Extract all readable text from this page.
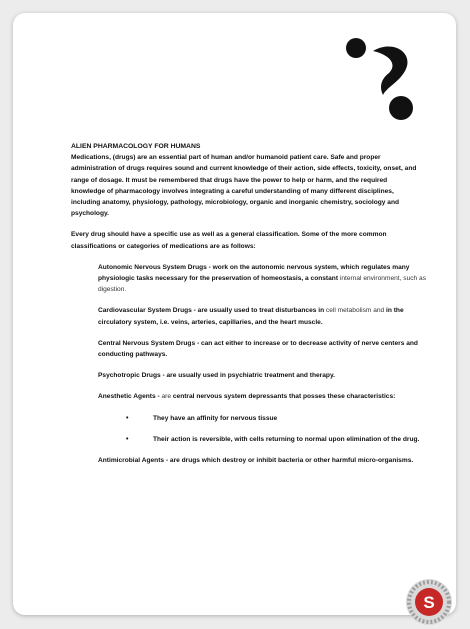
ALIEN PHARMACOLOGY FOR HUMANS

Medications, (drugs) are an essential part of human and/or humanoid patient care. Safe and proper administration of drugs requires sound and current knowledge of their action, side effects, toxicity, onset, and range of dosage. It must be remembered that drugs have the power to help or harm, and the required knowledge of pharmacology involves integrating a careful understanding of many different disciplines, including anatomy, physiology, pathology, microbiology, organic and inorganic chemistry, sociology and psychology.

Every drug should have a specific use as well as a general classification. Some of the more common classifications or categories of medications are as follows:

Autonomic Nervous System Drugs - work on the autonomic nervous system, which regulates many physiologic tasks necessary for the preservation of homeostasis, a constant internal environment, such as digestion.

Cardiovascular System Drugs - are usually used to treat disturbances in cell metabolism and in the circulatory system, i.e. veins, arteries, capillaries, and the heart muscle.

Central Nervous System Drugs - can act either to increase or to decrease activity of nerve centers and conducting pathways.

Psychotropic Drugs - are usually used in psychiatric treatment and therapy.

Anesthetic Agents - are central nervous system depressants that posses these characteristics:

•	They have an affinity for nervous tissue
•	Their action is reversible, with cells returning to normal upon elimination of the drug.

Antimicrobial Agents - are drugs which destroy or inhibit bacteria or other harmful micro-organisms.

S
